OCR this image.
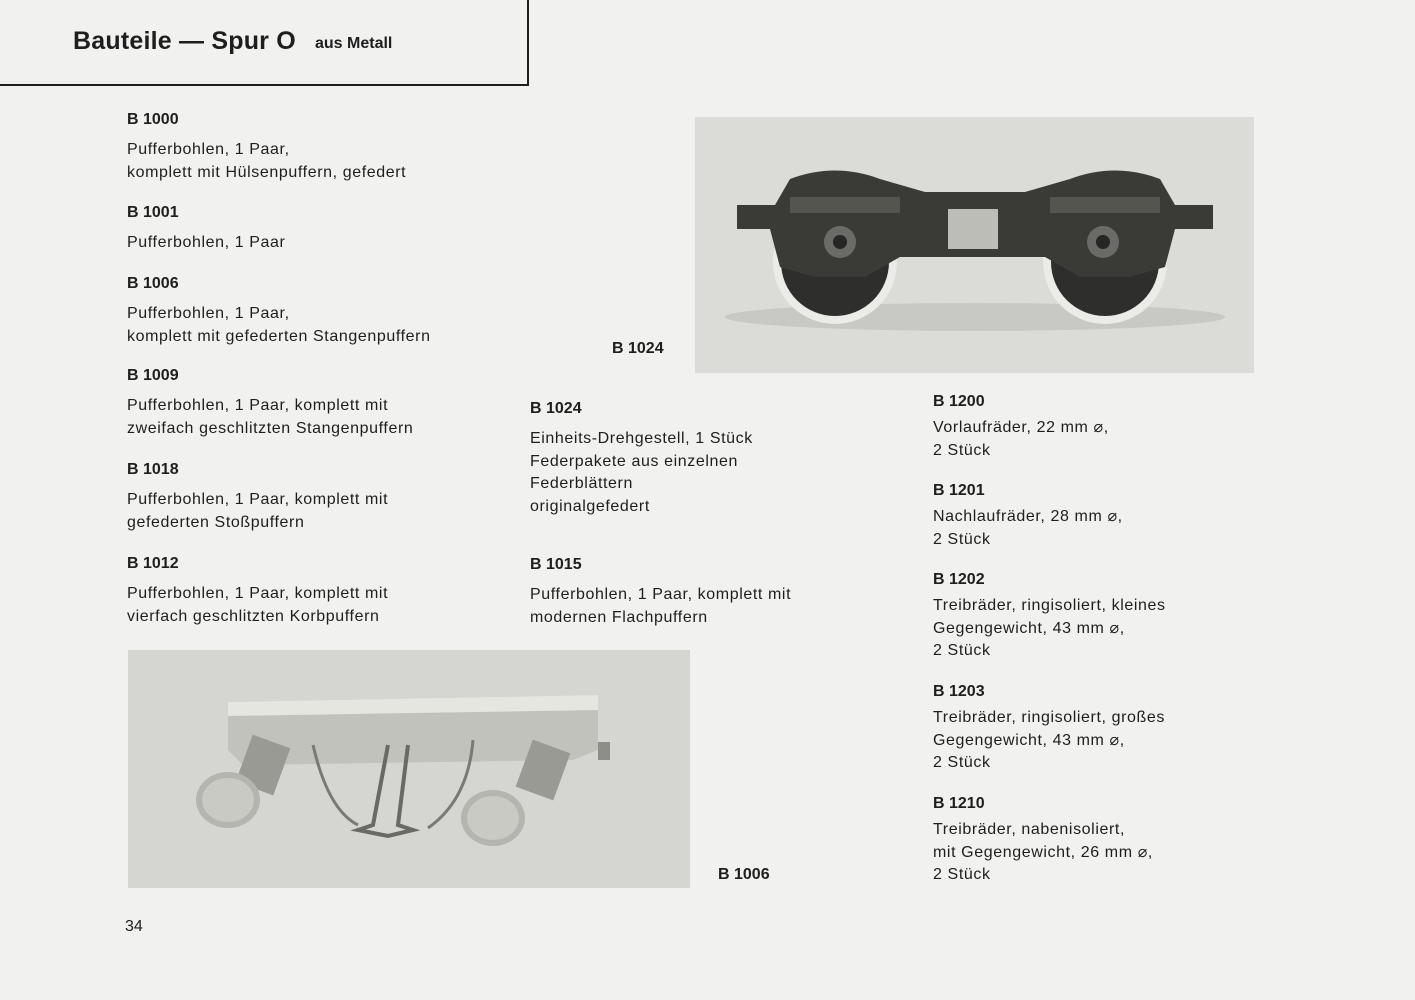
Bauteile — Spur O aus Metall
B 1000
Pufferbohlen, 1 Paar,
komplett mit Hülsenpuffern, gefedert
B 1001
Pufferbohlen, 1 Paar
B 1006
Pufferbohlen, 1 Paar,
komplett mit gefederten Stangenpuffern
B 1009
Pufferbohlen, 1 Paar, komplett mit
zweifach geschlitzten Stangenpuffern
B 1018
Pufferbohlen, 1 Paar, komplett mit
gefederten Stoßpuffern
B 1012
Pufferbohlen, 1 Paar, komplett mit
vierfach geschlitzten Korbpuffern
B 1024
Einheits-Drehgestell, 1 Stück
Federpakete aus einzelnen
Federblättern
originalgefedert
B 1015
Pufferbohlen, 1 Paar, komplett mit
modernen Flachpuffern
B 1200
Vorlaufräder, 22 mm ⌀,
2 Stück
B 1201
Nachlaufräder, 28 mm ⌀,
2 Stück
B 1202
Treibräder, ringisoliert, kleines
Gegengewicht, 43 mm ⌀,
2 Stück
B 1203
Treibräder, ringisoliert, großes
Gegengewicht, 43 mm ⌀,
2 Stück
B 1210
Treibräder, nabenisoliert,
mit Gegengewicht, 26 mm ⌀,
2 Stück
B 1024
B 1006
34
